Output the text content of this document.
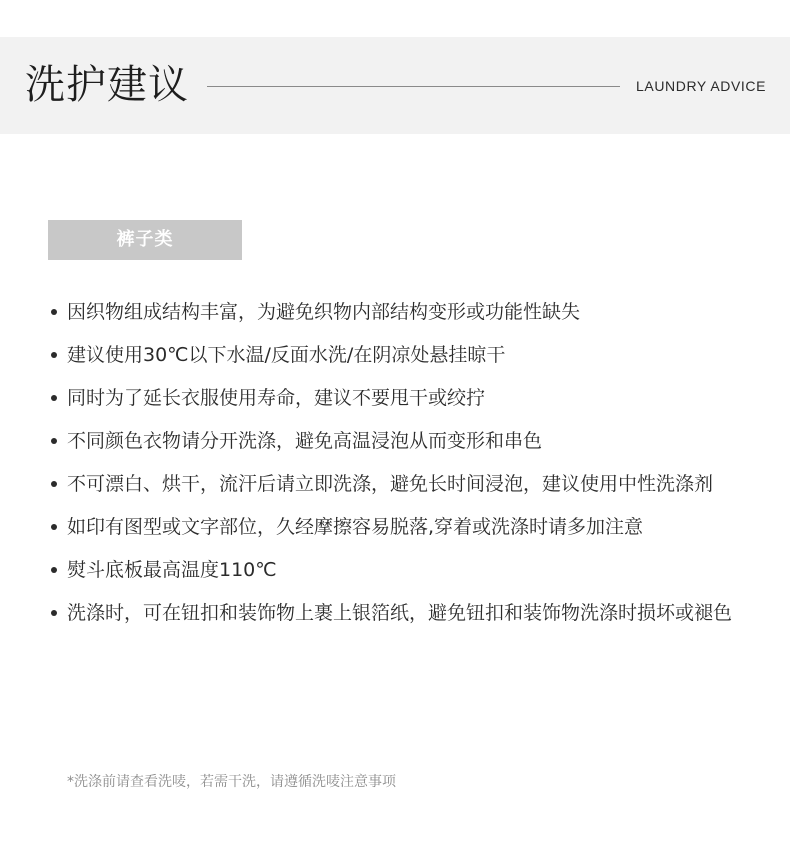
洗护建议	LAUNDRY ADVICE
裤子类
因织物组成结构丰富，为避免织物内部结构变形或功能性缺失
建议使用30℃以下水温/反面水洗/在阴凉处悬挂晾干
同时为了延长衣服使用寿命，建议不要甩干或绞拧
不同颜色衣物请分开洗涤，避免高温浸泡从而变形和串色
不可漂白、烘干，流汗后请立即洗涤，避免长时间浸泡，建议使用中性洗涤剂
如印有图型或文字部位，久经摩擦容易脱落,穿着或洗涤时请多加注意
熨斗底板最高温度110℃
洗涤时，可在钮扣和装饰物上裹上银箔纸，避免钮扣和装饰物洗涤时损坏或褪色
*洗涤前请查看洗唛，若需干洗，请遵循洗唛注意事项
